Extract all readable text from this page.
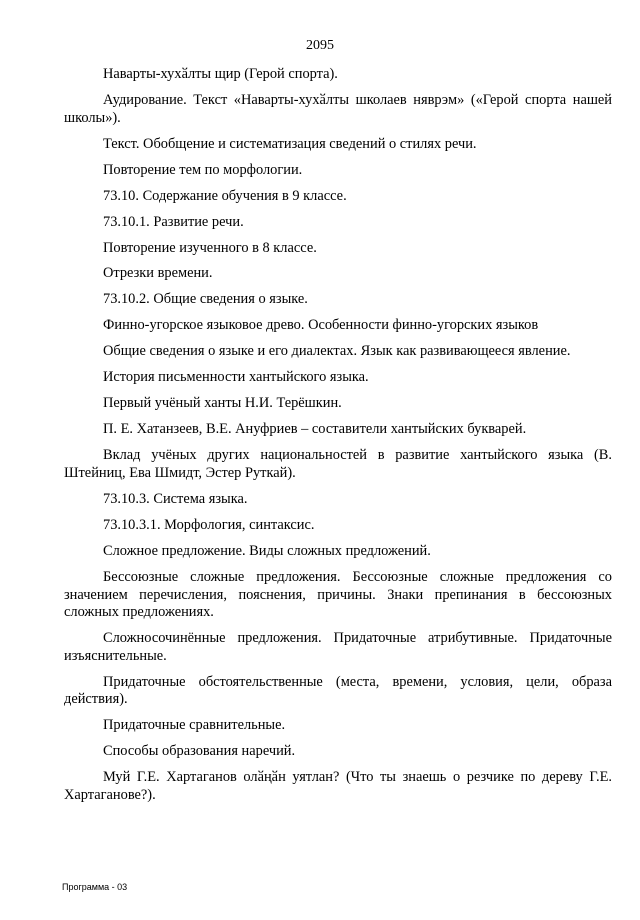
2095

Наварты-хухӑлты щир (Герой спорта).

Аудирование. Текст «Наварты-хухӑлты школаев няврэм» («Герой спорта нашей школы»).

Текст. Обобщение и систематизация сведений о стилях речи.

Повторение тем по морфологии.

73.10. Содержание обучения в 9 классе.

73.10.1. Развитие речи.

Повторение изученного в 8 классе.

Отрезки времени.

73.10.2. Общие сведения о языке.

Финно-угорское языковое древо. Особенности финно-угорских языков

Общие сведения о языке и его диалектах. Язык как развивающееся явление.

История письменности хантыйского языка.

Первый учёный ханты Н.И. Терёшкин.

П. Е. Хатанзеев, В.Е. Ануфриев – составители хантыйских букварей.

Вклад учёных других национальностей в развитие хантыйского языка (В. Штейниц, Ева Шмидт, Эстер Руткай).

73.10.3. Система языка.

73.10.3.1. Морфология, синтаксис.

Сложное предложение. Виды сложных предложений.

Бессоюзные сложные предложения. Бессоюзные сложные предложения со значением перечисления, пояснения, причины. Знаки препинания в бессоюзных сложных предложениях.

Сложносочинённые предложения. Придаточные атрибутивные. Придаточные изъяснительные.

Придаточные обстоятельственные (места, времени, условия, цели, образа действия).

Придаточные сравнительные.

Способы образования наречий.

Муй Г.Е. Хартаганов олӑңӑн уятлан? (Что ты знаешь о резчике по дереву Г.Е. Хартаганове?).

Программа - 03
